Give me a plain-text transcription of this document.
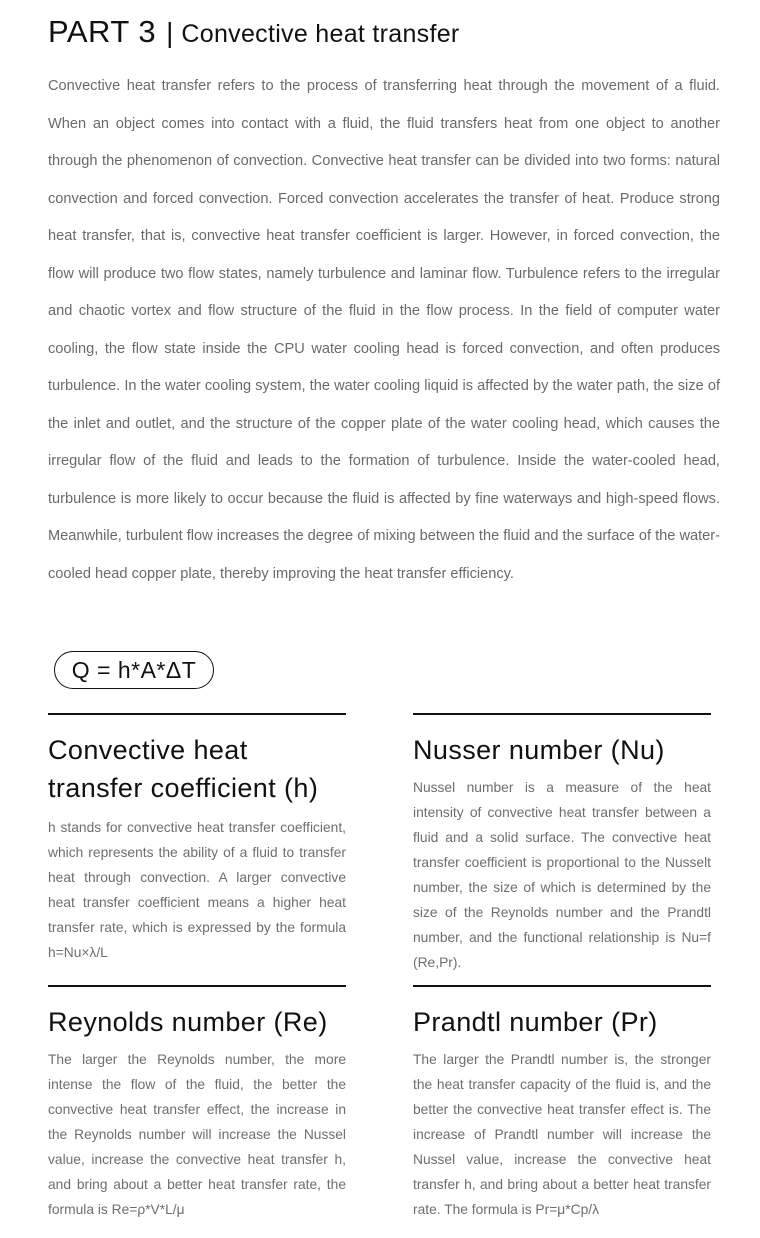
PART 3 | Convective heat transfer
Convective heat transfer refers to the process of transferring heat through the movement of a fluid. When an object comes into contact with a fluid, the fluid transfers heat from one object to another through the phenomenon of convection. Convective heat transfer can be divided into two forms: natural convection and forced convection. Forced convection accelerates the transfer of heat. Produce strong heat transfer, that is, convective heat transfer coefficient is larger. However, in forced convection, the flow will produce two flow states, namely turbulence and laminar flow. Turbulence refers to the irregular and chaotic vortex and flow structure of the fluid in the flow process. In the field of computer water cooling, the flow state inside the CPU water cooling head is forced convection, and often produces turbulence. In the water cooling system, the water cooling liquid is affected by the water path, the size of the inlet and outlet, and the structure of the copper plate of the water cooling head, which causes the irregular flow of the fluid and leads to the formation of turbulence. Inside the water-cooled head, turbulence is more likely to occur because the fluid is affected by fine waterways and high-speed flows. Meanwhile, turbulent flow increases the degree of mixing between the fluid and the surface of the water-cooled head copper plate, thereby improving the heat transfer efficiency.
Q = h*A*ΔT
Convective heat transfer coefficient (h)

h stands for convective heat transfer coefficient, which represents the ability of a fluid to transfer heat through convection. A larger convective heat transfer coefficient means a higher heat transfer rate, which is expressed by the formula h=Nu×λ/L

Nusser number (Nu)

Nussel number is a measure of the heat intensity of convective heat transfer between a fluid and a solid surface. The convective heat transfer coefficient is proportional to the Nusselt number, the size of which is determined by the size of the Reynolds number and the Prandtl number, and the functional relationship is Nu=f (Re,Pr).

Reynolds number (Re)

The larger the Reynolds number, the more intense the flow of the fluid, the better the convective heat transfer effect, the increase in the Reynolds number will increase the Nussel value, increase the convective heat transfer h, and bring about a better heat transfer rate, the formula is Re=ρ*V*L/μ

Prandtl number (Pr)

The larger the Prandtl number is, the stronger the heat transfer capacity of the fluid is, and the better the convective heat transfer effect is. The increase of Prandtl number will increase the Nussel value, increase the convective heat transfer h, and bring about a better heat transfer rate. The formula is Pr=μ*Cp/λ
